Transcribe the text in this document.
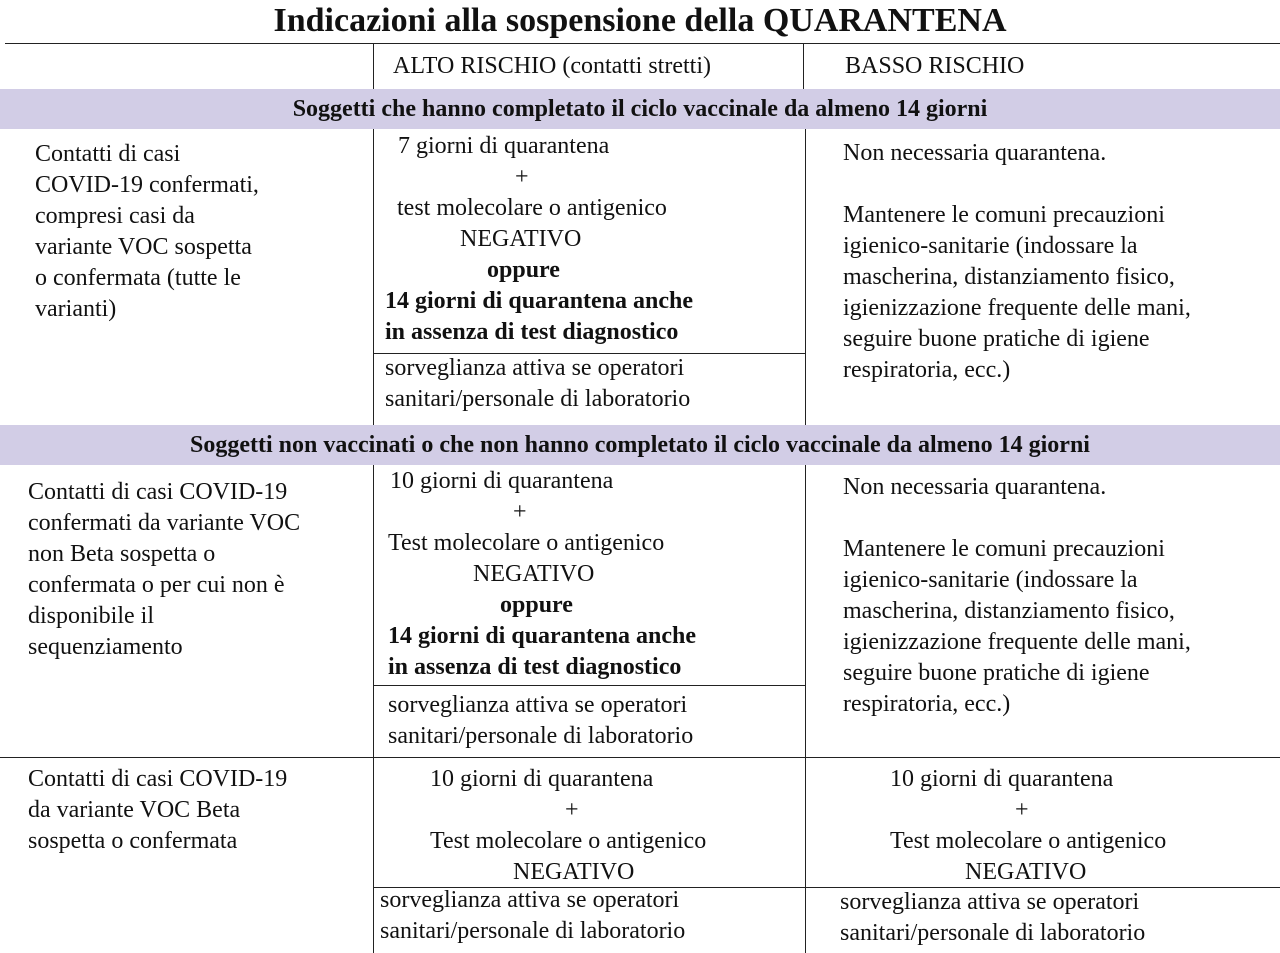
Indicazioni alla sospensione della QUARANTENA
ALTO RISCHIO (contatti stretti)	BASSO RISCHIO
Soggetti che hanno completato il ciclo vaccinale da almeno 14 giorni
Contatti di casi
COVID-19 confermati,
compresi casi da
variante VOC sospetta
o confermata (tutte le
varianti)
7 giorni di quarantena
+
test molecolare o antigenico
NEGATIVO
oppure
14 giorni di quarantena anche
in assenza di test diagnostico
sorveglianza attiva se operatori
sanitari/personale di laboratorio
Non necessaria quarantena.

Mantenere le comuni precauzioni
igienico-sanitarie (indossare la
mascherina, distanziamento fisico,
igienizzazione frequente delle mani,
seguire buone pratiche di igiene
respiratoria, ecc.)
Soggetti non vaccinati o che non hanno completato il ciclo vaccinale da almeno 14 giorni
Contatti di casi COVID-19
confermati da variante VOC
non Beta sospetta o
confermata o per cui non è
disponibile il
sequenziamento
10 giorni di quarantena
+
Test molecolare o antigenico
NEGATIVO
oppure
14 giorni di quarantena anche
in assenza di test diagnostico
sorveglianza attiva se operatori
sanitari/personale di laboratorio
Non necessaria quarantena.

Mantenere le comuni precauzioni
igienico-sanitarie (indossare la
mascherina, distanziamento fisico,
igienizzazione frequente delle mani,
seguire buone pratiche di igiene
respiratoria, ecc.)
Contatti di casi COVID-19
da variante VOC Beta
sospetta o confermata
10 giorni di quarantena
+
Test molecolare o antigenico
NEGATIVO
sorveglianza attiva se operatori
sanitari/personale di laboratorio
10 giorni di quarantena
+
Test molecolare o antigenico
NEGATIVO
sorveglianza attiva se operatori
sanitari/personale di laboratorio
